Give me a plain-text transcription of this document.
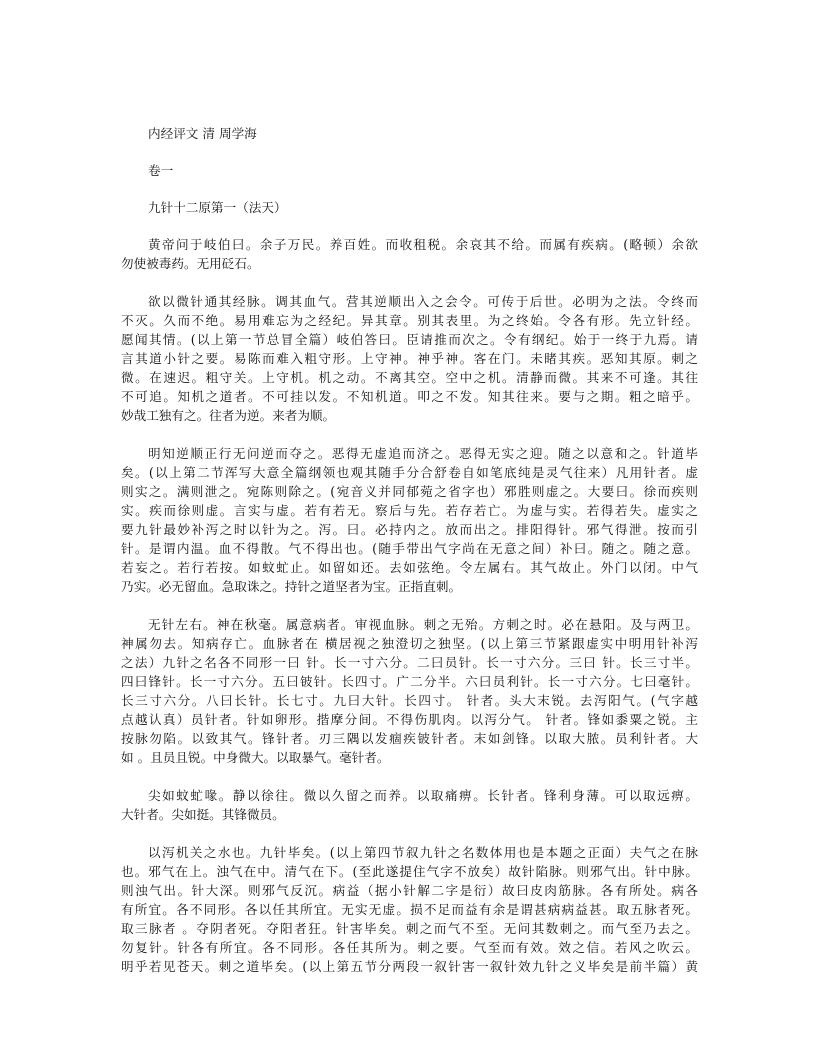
内经评文 清 周学海

卷一

九针十二原第一（法天）

黄帝问于岐伯曰。余子万民。养百姓。而收租税。余哀其不给。而属有疾病。(略顿）余欲

勿使被毒药。无用砭石。

欲以微针通其经脉。调其血气。营其逆顺出入之会令。可传于后世。必明为之法。令终而

不灭。久而不绝。易用难忘为之经纪。异其章。别其表里。为之终始。令各有形。先立针经。

愿闻其情。(以上第一节总冒全篇）岐伯答曰。臣请推而次之。令有纲纪。始于一终于九焉。请

言其道小针之要。易陈而难入粗守形。上守神。神乎神。客在门。未睹其疾。恶知其原。刺之

微。在速迟。粗守关。上守机。机之动。不离其空。空中之机。清静而微。其来不可逢。其往

不可追。知机之道者。不可挂以发。不知机道。叩之不发。知其往来。要与之期。粗之暗乎。

妙哉工独有之。往者为逆。来者为顺。

明知逆顺正行无问逆而夺之。恶得无虚追而济之。恶得无实之迎。随之以意和之。针道毕

矣。(以上第二节浑写大意全篇纲领也观其随手分合舒卷自如笔底纯是灵气往来）凡用针者。虚

则实之。满则泄之。宛陈则除之。(宛音义并同郁菀之省字也）邪胜则虚之。大要曰。徐而疾则

实。疾而徐则虚。言实与虚。若有若无。察后与先。若存若亡。为虚与实。若得若失。虚实之

要九针最妙补泻之时以针为之。泻。曰。必持内之。放而出之。排阳得针。邪气得泄。按而引

针。是谓内温。血不得散。气不得出也。(随手带出气字尚在无意之间）补曰。随之。随之意。

若妄之。若行若按。如蚊虻止。如留如还。去如弦绝。令左属右。其气故止。外门以闭。中气

乃实。必无留血。急取诛之。持针之道坚者为宝。正指直刺。

无针左右。神在秋毫。属意病者。审视血脉。刺之无殆。方刺之时。必在悬阳。及与两卫。

神属勿去。知病存亡。血脉者在 横居视之独澄切之独坚。(以上第三节紧跟虚实中明用针补泻

之法）九针之名各不同形一曰 针。长一寸六分。二曰员针。长一寸六分。三曰 针。长三寸半。

四曰锋针。长一寸六分。五曰铍针。长四寸。广二分半。六曰员利针。长一寸六分。七曰毫针。

长三寸六分。八曰长针。长七寸。九曰大针。长四寸。 针者。头大末锐。去泻阳气。(气字越

点越认真）员针者。针如卵形。揩摩分间。不得伤肌肉。以泻分气。 针者。锋如黍粟之锐。主

按脉勿陷。以致其气。锋针者。刃三隅以发痼疾铍针者。末如剑锋。以取大脓。员利针者。大

如 。且员且锐。中身微大。以取暴气。毫针者。

尖如蚊虻喙。静以徐往。微以久留之而养。以取痛痹。长针者。锋利身薄。可以取远痹。

大针者。尖如挺。其锋微员。

以泻机关之水也。九针毕矣。(以上第四节叙九针之名数体用也是本题之正面）夫气之在脉

也。邪气在上。浊气在中。清气在下。(至此遂提住气字不放矣）故针陷脉。则邪气出。针中脉。

则浊气出。针大深。则邪气反沉。病益（据小针解二字是衍）故曰皮肉筋脉。各有所处。病各

有所宜。各不同形。各以任其所宜。无实无虚。损不足而益有余是谓甚病病益甚。取五脉者死。

取三脉者 。夺阴者死。夺阳者狂。针害毕矣。刺之而气不至。无问其数刺之。而气至乃去之。

勿复针。针各有所宜。各不同形。各任其所为。刺之要。气至而有效。效之信。若风之吹云。

明乎若见苍天。刺之道毕矣。(以上第五节分两段一叙针害一叙针效九针之义毕矣是前半篇）黄
